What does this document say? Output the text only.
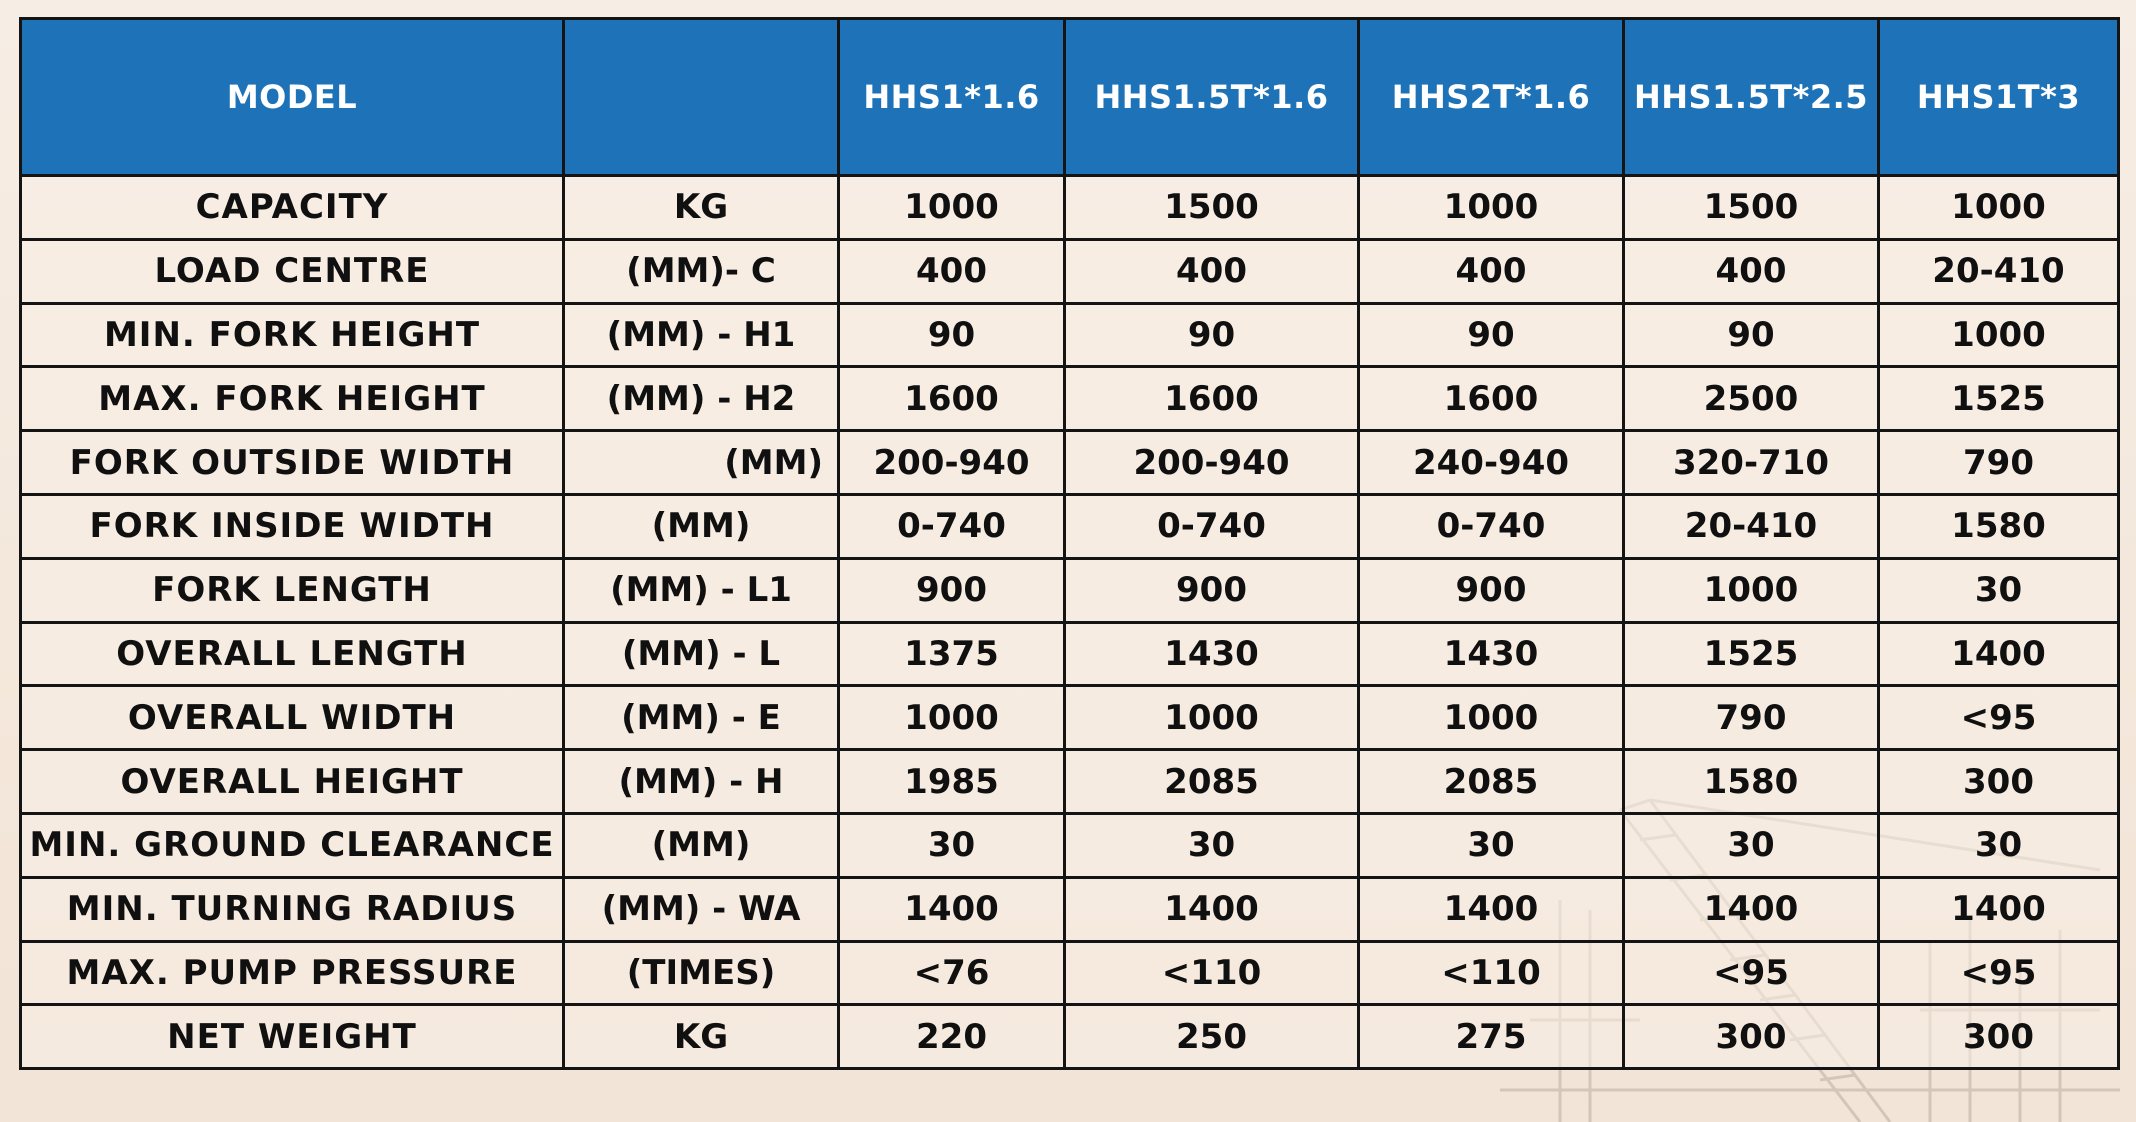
MODEL		HHS1*1.6	HHS1.5T*1.6	HHS2T*1.6	HHS1.5T*2.5	HHS1T*3
CAPACITY	KG	1000	1500	1000	1500	1000
LOAD CENTRE	(MM)- C	400	400	400	400	20-410
MIN. FORK HEIGHT	(MM) - H1	90	90	90	90	1000
MAX. FORK HEIGHT	(MM) - H2	1600	1600	1600	2500	1525
FORK OUTSIDE WIDTH	(MM)	200-940	200-940	240-940	320-710	790
FORK INSIDE WIDTH	(MM)	0-740	0-740	0-740	20-410	1580
FORK LENGTH	(MM) - L1	900	900	900	1000	30
OVERALL LENGTH	(MM) - L	1375	1430	1430	1525	1400
OVERALL WIDTH	(MM) - E	1000	1000	1000	790	<95
OVERALL HEIGHT	(MM) - H	1985	2085	2085	1580	300
MIN. GROUND CLEARANCE	(MM)	30	30	30	30	30
MIN. TURNING RADIUS	(MM) - WA	1400	1400	1400	1400	1400
MAX. PUMP PRESSURE	(TIMES)	<76	<110	<110	<95	<95
NET WEIGHT	KG	220	250	275	300	300
